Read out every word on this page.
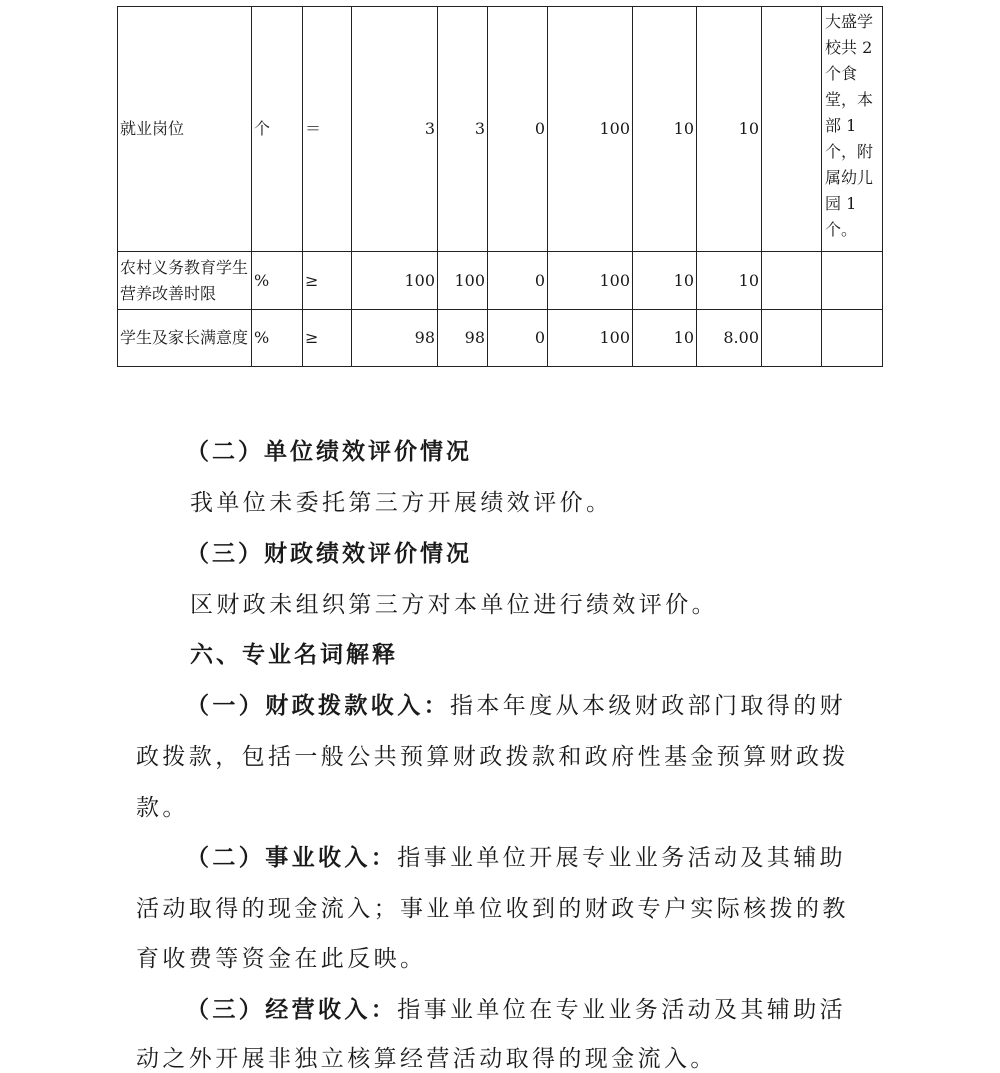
就业岗位	个	＝	3	3	0	100	10	10		大盛学校共 2 个食堂，本部 1 个，附属幼儿园 1 个。
农村义务教育学生营养改善时限	%	≥	100	100	0	100	10	10		
学生及家长满意度	%	≥	98	98	0	100	10	8.00		
（二）单位绩效评价情况
我单位未委托第三方开展绩效评价。
（三）财政绩效评价情况
区财政未组织第三方对本单位进行绩效评价。
六、专业名词解释
（一）财政拨款收入：指本年度从本级财政部门取得的财
政拨款，包括一般公共预算财政拨款和政府性基金预算财政拨
款。
（二）事业收入：指事业单位开展专业业务活动及其辅助
活动取得的现金流入；事业单位收到的财政专户实际核拨的教
育收费等资金在此反映。
（三）经营收入：指事业单位在专业业务活动及其辅助活
动之外开展非独立核算经营活动取得的现金流入。
